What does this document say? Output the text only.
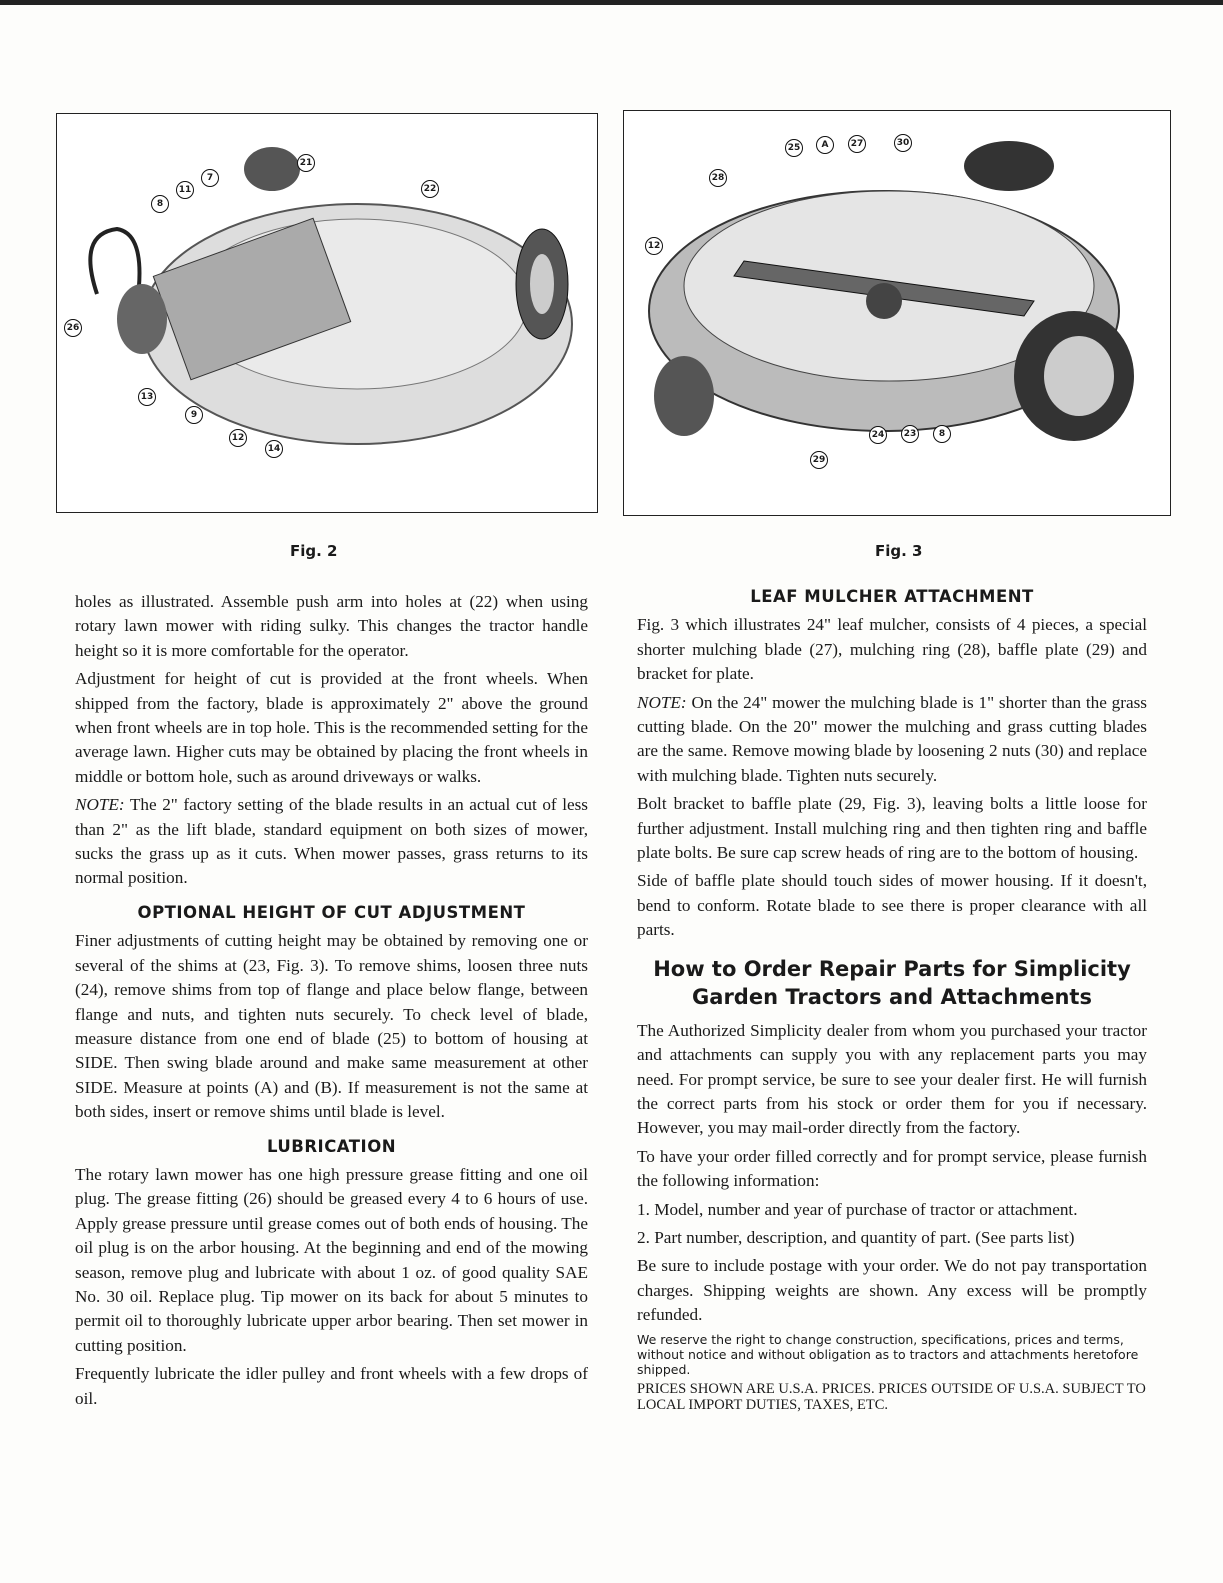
21
22
7
11
8
26
13
9
12
14
Fig. 2
25	A	27	30
28
12
24	23	8
29
Fig. 3

holes as illustrated. Assemble push arm into holes at (22) when using rotary lawn mower with riding sulky. This changes the tractor handle height so it is more comfortable for the operator.

Adjustment for height of cut is provided at the front wheels. When shipped from the factory, blade is approximately 2" above the ground when front wheels are in top hole. This is the recommended setting for the average lawn. Higher cuts may be obtained by placing the front wheels in middle or bottom hole, such as around driveways or walks.

NOTE: The 2" factory setting of the blade results in an actual cut of less than 2" as the lift blade, standard equipment on both sizes of mower, sucks the grass up as it cuts. When mower passes, grass returns to its normal position.

OPTIONAL HEIGHT OF CUT ADJUSTMENT

Finer adjustments of cutting height may be obtained by removing one or several of the shims at (23, Fig. 3). To remove shims, loosen three nuts (24), remove shims from top of flange and place below flange, between flange and nuts, and tighten nuts securely. To check level of blade, measure distance from one end of blade (25) to bottom of housing at SIDE. Then swing blade around and make same measurement at other SIDE. Measure at points (A) and (B). If measurement is not the same at both sides, insert or remove shims until blade is level.

LUBRICATION

The rotary lawn mower has one high pressure grease fitting and one oil plug. The grease fitting (26) should be greased every 4 to 6 hours of use. Apply grease pressure until grease comes out of both ends of housing. The oil plug is on the arbor housing. At the beginning and end of the mowing season, remove plug and lubricate with about 1 oz. of good quality SAE No. 30 oil. Replace plug. Tip mower on its back for about 5 minutes to permit oil to thoroughly lubricate upper arbor bearing. Then set mower in cutting position.

Frequently lubricate the idler pulley and front wheels with a few drops of oil.

LEAF MULCHER ATTACHMENT

Fig. 3 which illustrates 24" leaf mulcher, consists of 4 pieces, a special shorter mulching blade (27), mulching ring (28), baffle plate (29) and bracket for plate.

NOTE: On the 24" mower the mulching blade is 1" shorter than the grass cutting blade. On the 20" mower the mulching and grass cutting blades are the same. Remove mowing blade by loosening 2 nuts (30) and replace with mulching blade. Tighten nuts securely.

Bolt bracket to baffle plate (29, Fig. 3), leaving bolts a little loose for further adjustment. Install mulching ring and then tighten ring and baffle plate bolts. Be sure cap screw heads of ring are to the bottom of housing.

Side of baffle plate should touch sides of mower housing. If it doesn't, bend to conform. Rotate blade to see there is proper clearance with all parts.

How to Order Repair Parts for Simplicity
Garden Tractors and Attachments

The Authorized Simplicity dealer from whom you purchased your tractor and attachments can supply you with any replacement parts you may need. For prompt service, be sure to see your dealer first. He will furnish the correct parts from his stock or order them for you if necessary. However, you may mail-order directly from the factory.

To have your order filled correctly and for prompt service, please furnish the following information:

1. Model, number and year of purchase of tractor or attachment.

2. Part number, description, and quantity of part. (See parts list)

Be sure to include postage with your order. We do not pay transportation charges. Shipping weights are shown. Any excess will be promptly refunded.

We reserve the right to change construction, specifications, prices and terms, without notice and without obligation as to tractors and attachments heretofore shipped.

PRICES SHOWN ARE U.S.A. PRICES. PRICES OUTSIDE OF U.S.A. SUBJECT TO LOCAL IMPORT DUTIES, TAXES, ETC.
